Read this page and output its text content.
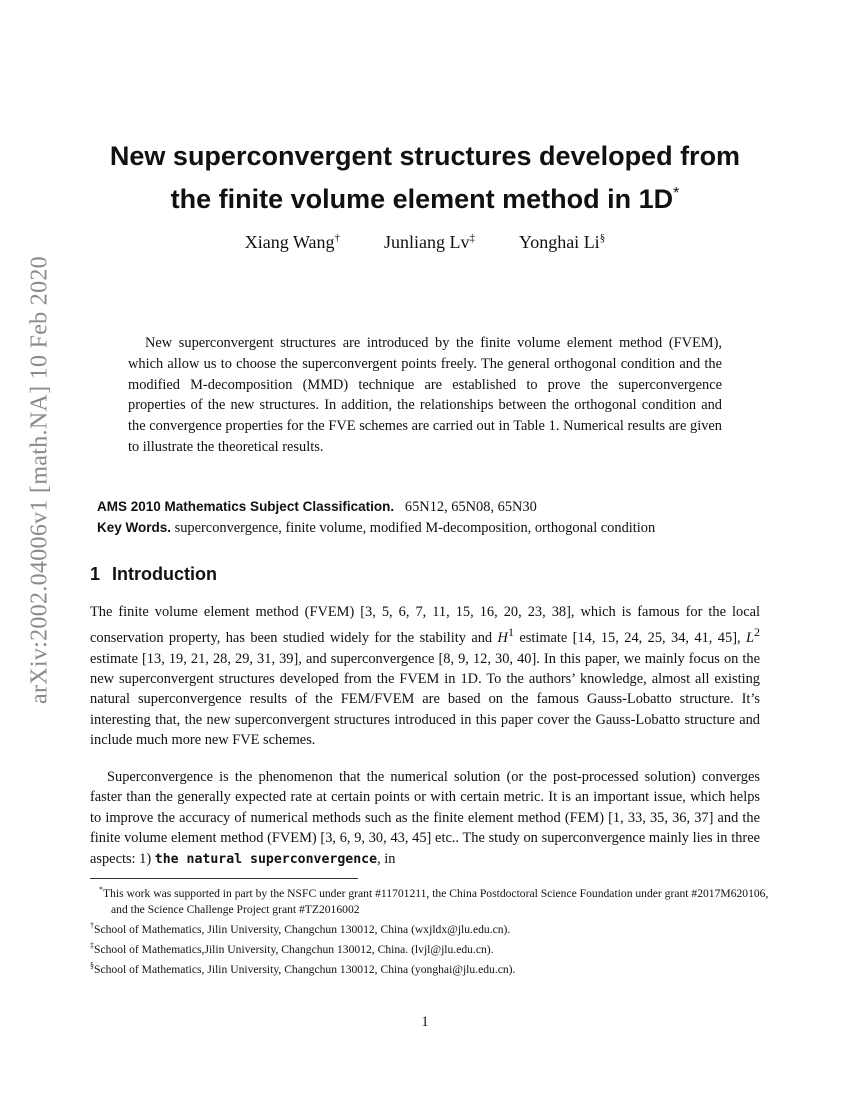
arXiv:2002.04006v1 [math.NA] 10 Feb 2020
New superconvergent structures developed from
the finite volume element method in 1D*
Xiang Wang† Junliang Lv‡ Yonghai Li§

New superconvergent structures are introduced by the finite volume element method (FVEM), which allow us to choose the superconvergent points freely. The general orthogonal condition and the modified M-decomposition (MMD) technique are established to prove the superconvergence properties of the new structures. In addition, the relationships between the orthogonal condition and the convergence properties for the FVE schemes are carried out in Table 1. Numerical results are given to illustrate the theoretical results.

AMS 2010 Mathematics Subject Classification. 65N12, 65N08, 65N30
Key Words. superconvergence, finite volume, modified M-decomposition, orthogonal condition
1 Introduction

The finite volume element method (FVEM) [3, 5, 6, 7, 11, 15, 16, 20, 23, 38], which is famous for the local conservation property, has been studied widely for the stability and $H^1$ estimate [14, 15, 24, 25, 34, 41, 45], $L^2$ estimate [13, 19, 21, 28, 29, 31, 39], and superconvergence [8, 9, 12, 30, 40]. In this paper, we mainly focus on the new superconvergent structures developed from the FVEM in 1D. To the authors’ knowledge, almost all existing natural superconvergence results of the FEM/FVEM are based on the famous Gauss-Lobatto structure. It’s interesting that, the new superconvergent structures introduced in this paper cover the Gauss-Lobatto structure and include much more new FVE schemes.

Superconvergence is the phenomenon that the numerical solution (or the post-processed solution) converges faster than the generally expected rate at certain points or with certain metric. It is an important issue, which helps to improve the accuracy of numerical methods such as the finite element method (FEM) [1, 33, 35, 36, 37] and the finite volume element method (FVEM) [3, 6, 9, 30, 43, 45] etc.. The study on superconvergence mainly lies in three aspects: 1) the natural superconvergence, in

*This work was supported in part by the NSFC under grant #11701211, the China Postdoctoral Science Foundation under grant #2017M620106, and the Science Challenge Project grant #TZ2016002

†School of Mathematics, Jilin University, Changchun 130012, China (wxjldx@jlu.edu.cn).

‡School of Mathematics,Jilin University, Changchun 130012, China. (lvjl@jlu.edu.cn).

§School of Mathematics, Jilin University, Changchun 130012, China (yonghai@jlu.edu.cn).

1
